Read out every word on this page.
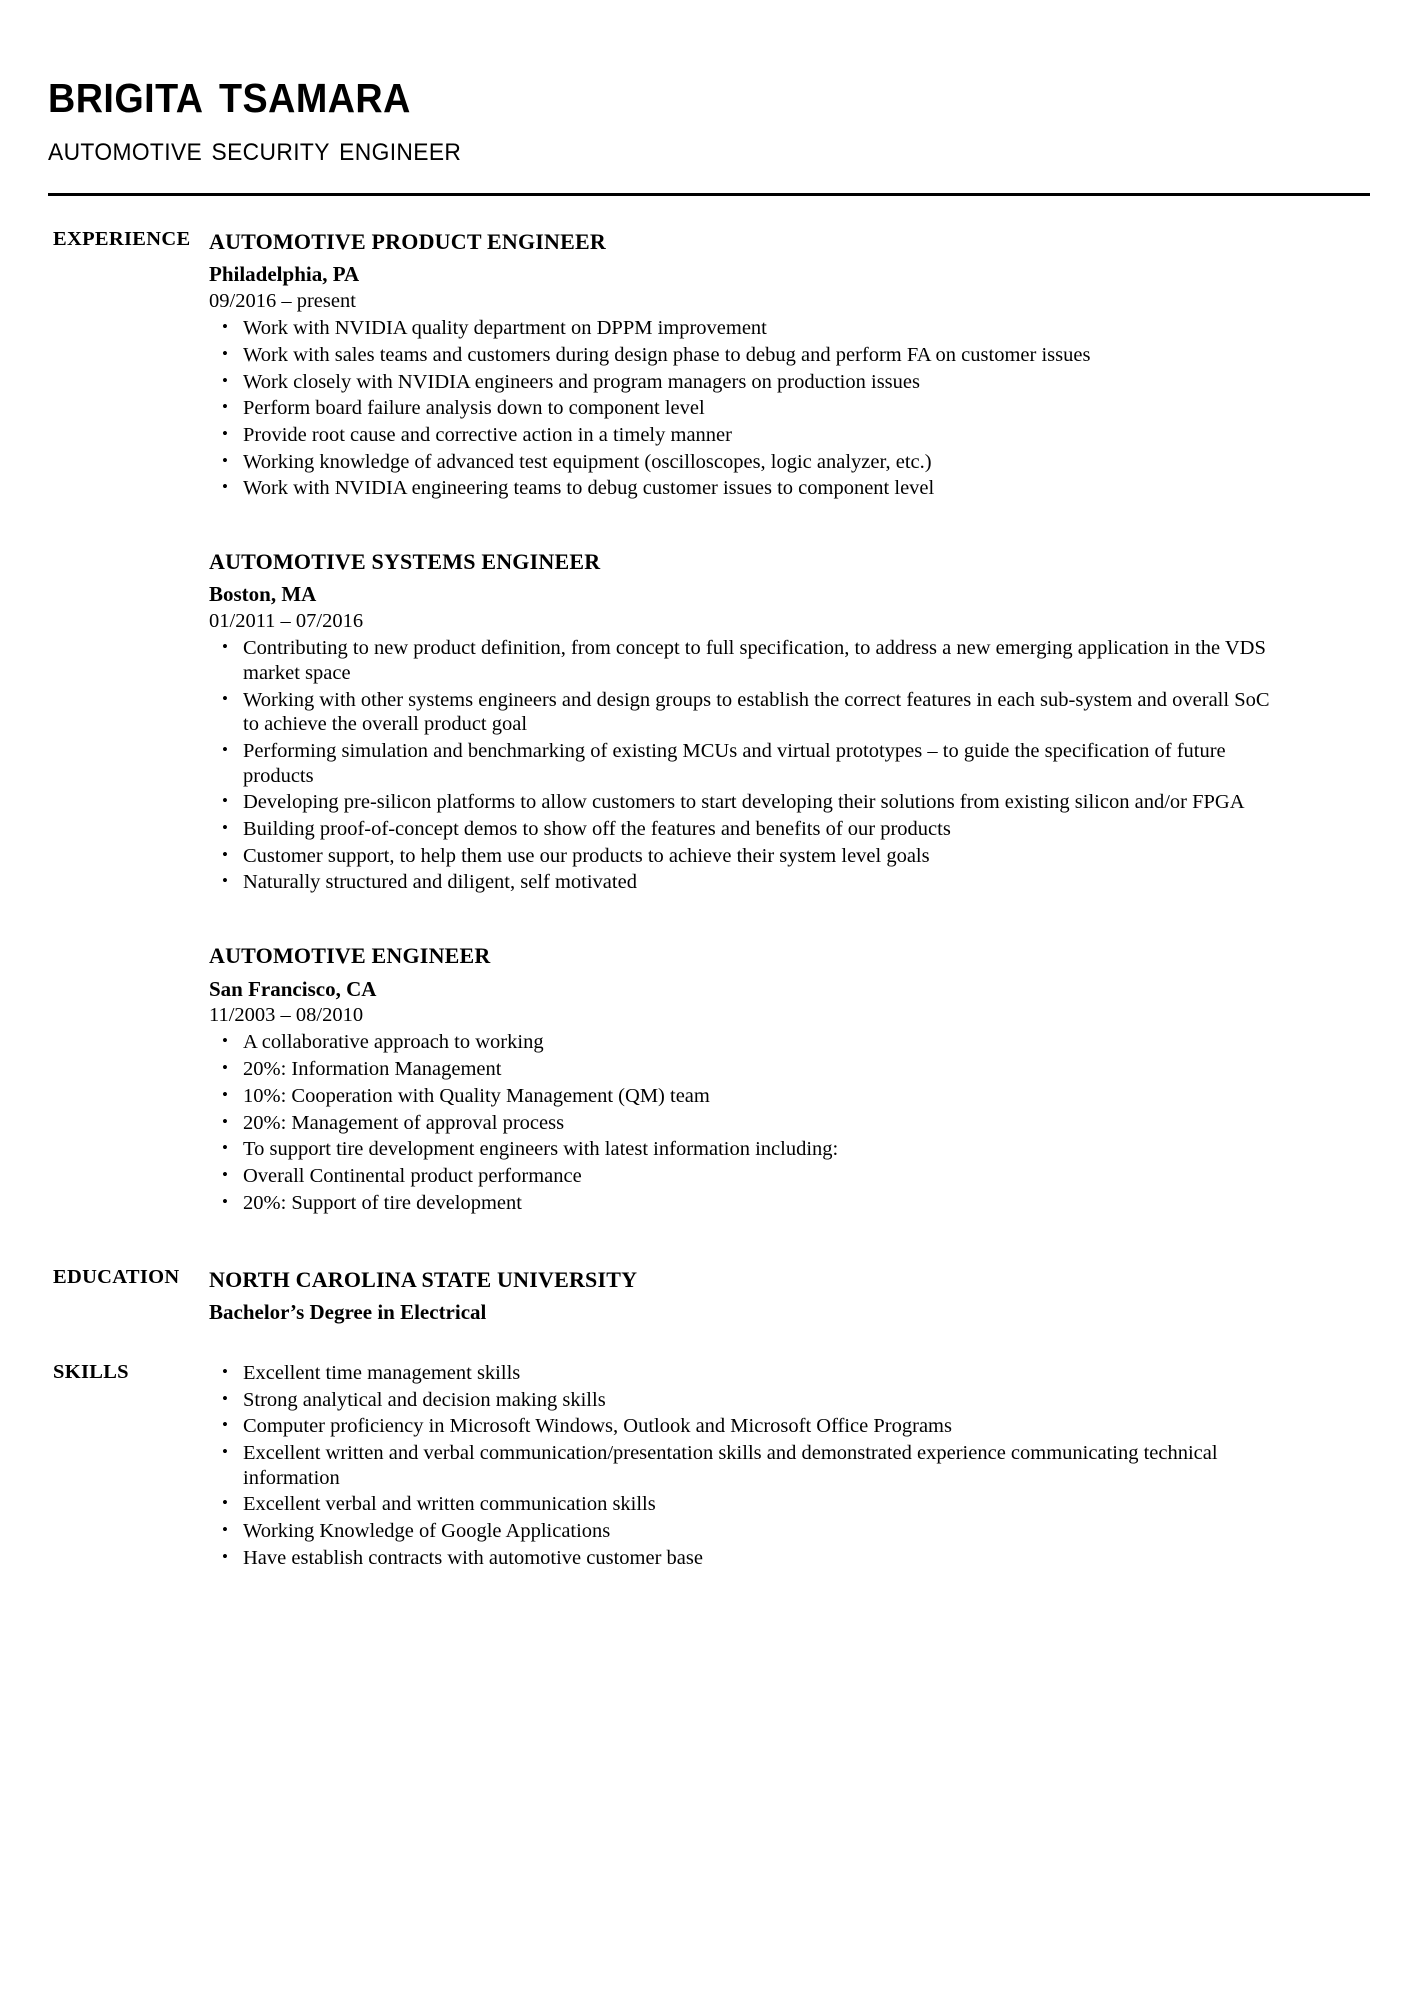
brigita tsamara
automotive security engineer
EXPERIENCE AUTOMOTIVE PRODUCT ENGINEER
Philadelphia, PA
09/2016 – present
• Work with NVIDIA quality department on DPPM improvement
• Work with sales teams and customers during design phase to debug and perform FA on customer issues
• Work closely with NVIDIA engineers and program managers on production issues
• Perform board failure analysis down to component level
• Provide root cause and corrective action in a timely manner
• Working knowledge of advanced test equipment (oscilloscopes, logic analyzer, etc.)
• Work with NVIDIA engineering teams to debug customer issues to component level
AUTOMOTIVE SYSTEMS ENGINEER
Boston, MA
01/2011 – 07/2016
• Contributing to new product definition, from concept to full specification, to address a new emerging application in the VDS market space
• Working with other systems engineers and design groups to establish the correct features in each sub-system and overall SoC to achieve the overall product goal
• Performing simulation and benchmarking of existing MCUs and virtual prototypes – to guide the specification of future products
• Developing pre-silicon platforms to allow customers to start developing their solutions from existing silicon and/or FPGA
• Building proof-of-concept demos to show off the features and benefits of our products
• Customer support, to help them use our products to achieve their system level goals
• Naturally structured and diligent, self motivated
AUTOMOTIVE ENGINEER
San Francisco, CA
11/2003 – 08/2010
• A collaborative approach to working
• 20%: Information Management
• 10%: Cooperation with Quality Management (QM) team
• 20%: Management of approval process
• To support tire development engineers with latest information including:
• Overall Continental product performance
• 20%: Support of tire development
EDUCATION	NORTH CAROLINA STATE UNIVERSITY
Bachelor’s Degree in Electrical
SKILLS	• Excellent time management skills
• Strong analytical and decision making skills
• Computer proficiency in Microsoft Windows, Outlook and Microsoft Office Programs
• Excellent written and verbal communication/presentation skills and demonstrated experience communicating technical information
• Excellent verbal and written communication skills
• Working Knowledge of Google Applications
• Have establish contracts with automotive customer base
